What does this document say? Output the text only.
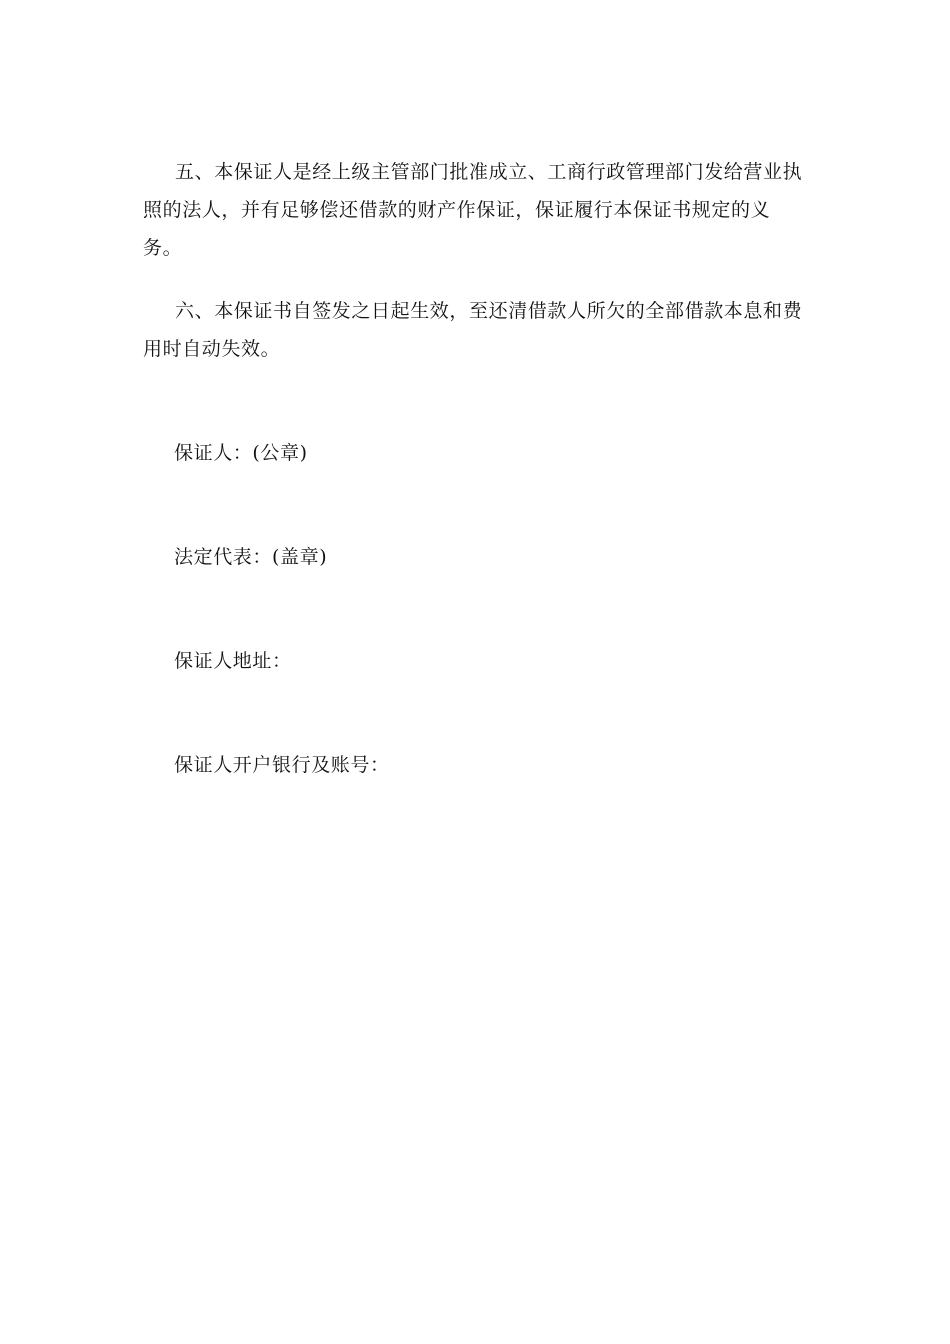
五、本保证人是经上级主管部门批准成立、工商行政管理部门发给营业执照的法人，并有足够偿还借款的财产作保证，保证履行本保证书规定的义务。

六、本保证书自签发之日起生效，至还清借款人所欠的全部借款本息和费用时自动失效。

保证人：(公章)

法定代表：(盖章)

保证人地址：

保证人开户银行及账号：
